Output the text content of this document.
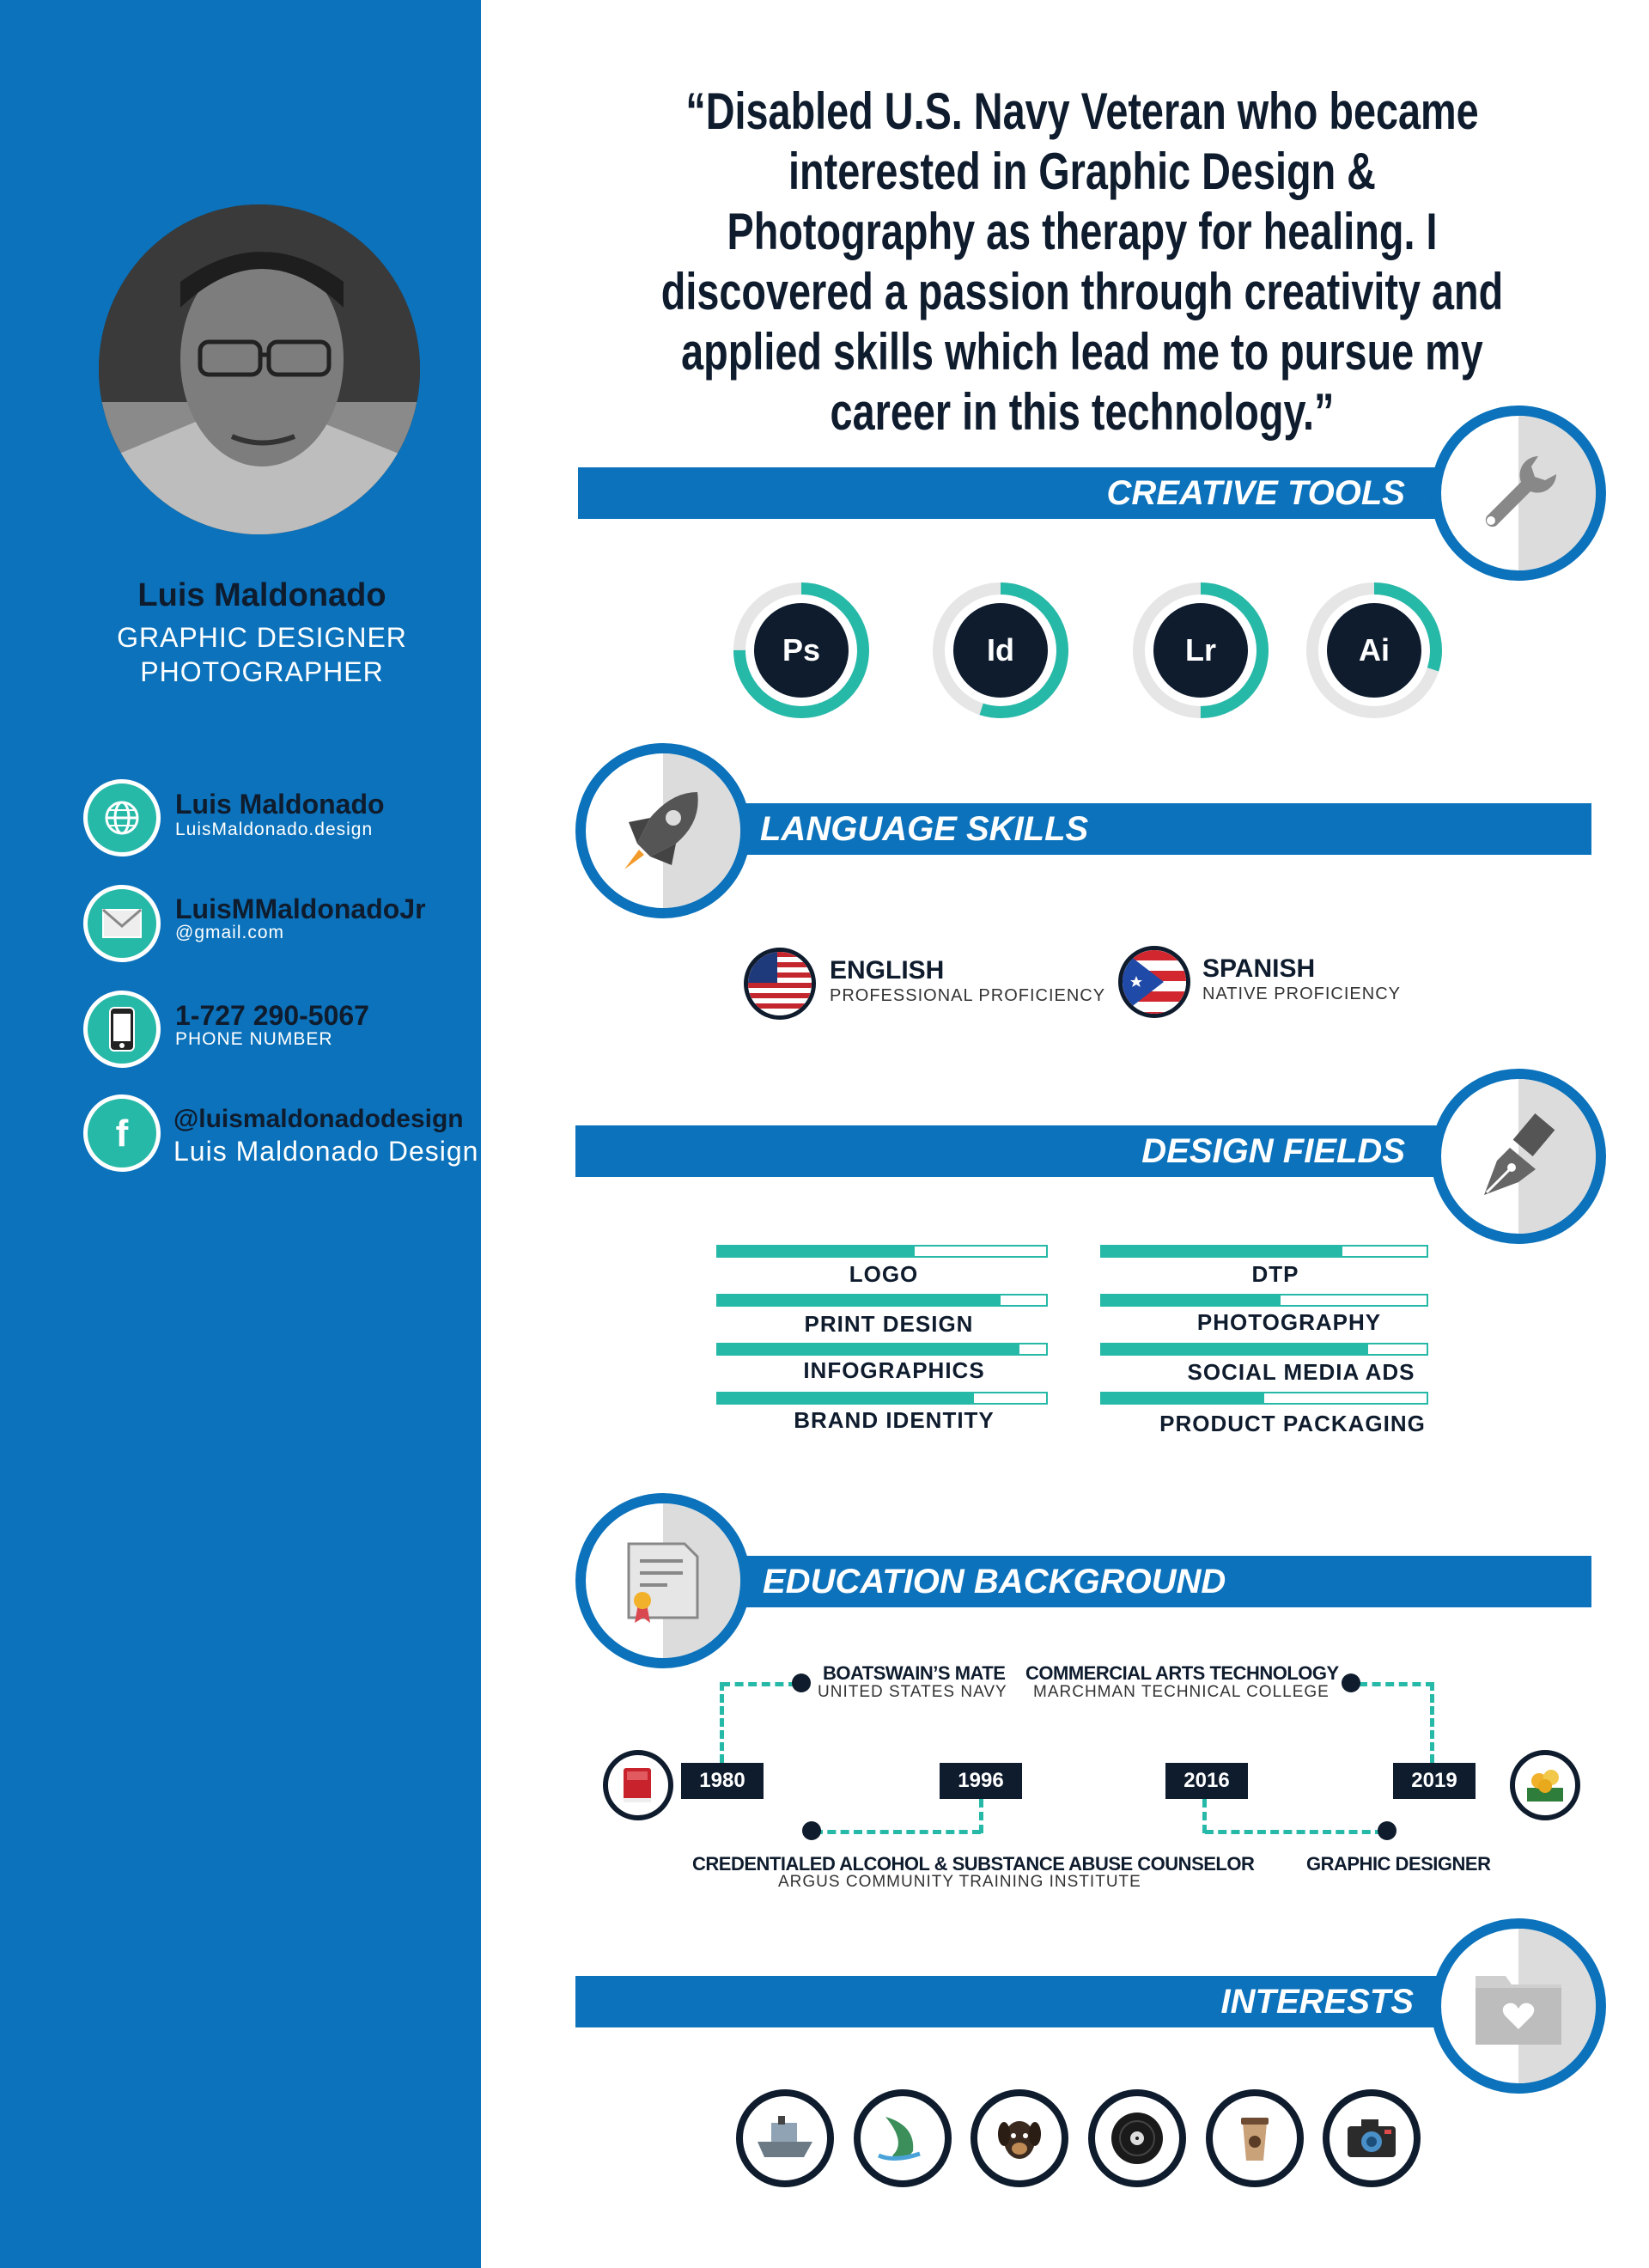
Luis Maldonado
GRAPHIC DESIGNER
PHOTOGRAPHER
Luis Maldonado
LuisMaldonado.design
LuisMMaldonadoJr
@gmail.com
1-727 290-5067
PHONE NUMBER
f @luismaldonadodesign
Luis Maldonado Design
“Disabled U.S. Navy Veteran who became interested in Graphic Design & Photography as therapy for healing. I discovered a passion through creativity and applied skills which lead me to pursue my career in this technology.”
CREATIVE TOOLS
Ps	Id	Lr	Ai
LANGUAGE SKILLS
ENGLISH
PROFESSIONAL PROFICIENCY
SPANISH
NATIVE PROFICIENCY
DESIGN FIELDS
LOGO
PRINT DESIGN
INFOGRAPHICS
BRAND IDENTITY
DTP
PHOTOGRAPHY
SOCIAL MEDIA ADS
PRODUCT PACKAGING
EDUCATION BACKGROUND
1980	1996	2016	2019
BOATSWAIN’S MATE
UNITED STATES NAVY
COMMERCIAL ARTS TECHNOLOGY
MARCHMAN TECHNICAL COLLEGE
CREDENTIALED ALCOHOL & SUBSTANCE ABUSE COUNSELOR
ARGUS COMMUNITY TRAINING INSTITUTE
GRAPHIC DESIGNER
INTERESTS
